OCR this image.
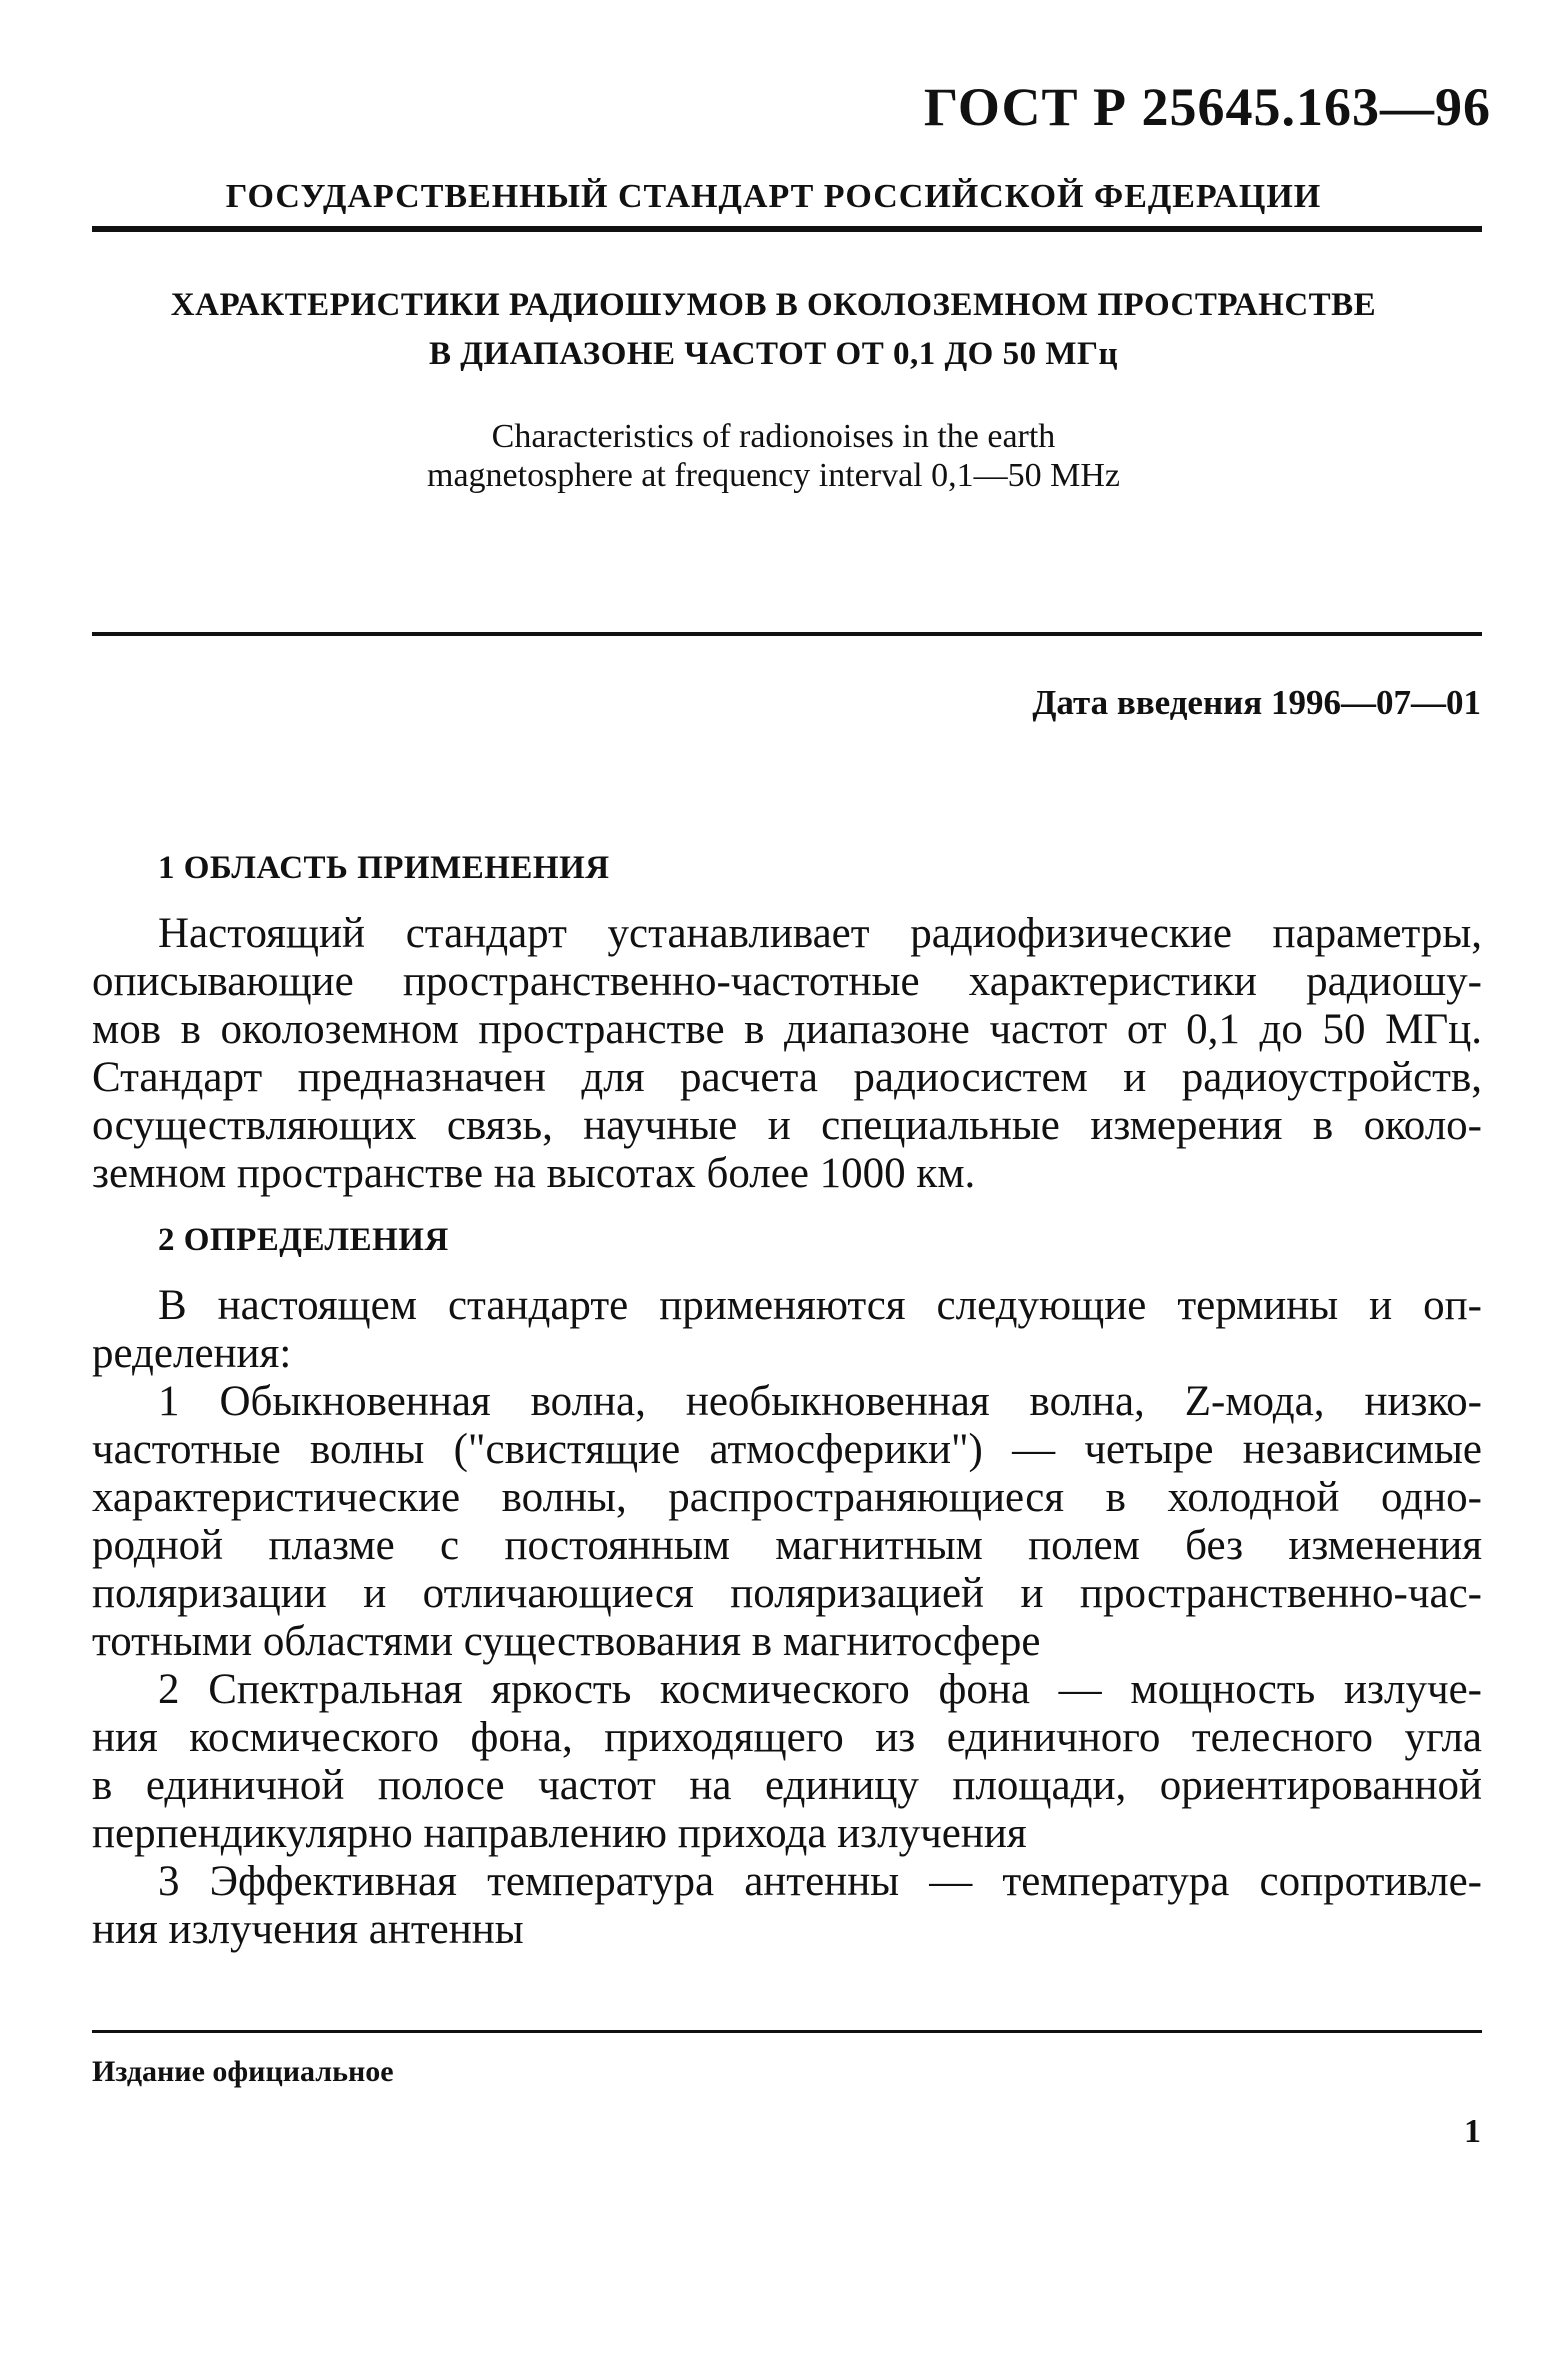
ГОСТ Р 25645.163—96
ГОСУДАРСТВЕННЫЙ СТАНДАРТ РОССИЙСКОЙ ФЕДЕРАЦИИ
ХАРАКТЕРИСТИКИ РАДИОШУМОВ В ОКОЛОЗЕМНОМ ПРОСТРАНСТВЕ
В ДИАПАЗОНЕ ЧАСТОТ ОТ 0,1 ДО 50 МГц
Characteristics of radionoises in the earth
magnetosphere at frequency interval 0,1—50 MHz
Дата введения 1996—07—01
1 ОБЛАСТЬ ПРИМЕНЕНИЯ
Настоящий стандарт устанавливает радиофизические параметры,
описывающие пространственно-частотные характеристики радиошу-
мов в околоземном пространстве в диапазоне частот от 0,1 до 50 МГц.
Стандарт предназначен для расчета радиосистем и радиоустройств,
осуществляющих связь, научные и специальные измерения в около-
земном пространстве на высотах более 1000 км.
2 ОПРЕДЕЛЕНИЯ
В настоящем стандарте применяются следующие термины и оп-
ределения:
1 Обыкновенная волна, необыкновенная волна, Z-мода, низко-
частотные волны ("свистящие атмосферики") — четыре независимые
характеристические волны, распространяющиеся в холодной одно-
родной плазме с постоянным магнитным полем без изменения
поляризации и отличающиеся поляризацией и пространственно-час-
тотными областями существования в магнитосфере
2 Спектральная яркость космического фона — мощность излуче-
ния космического фона, приходящего из единичного телесного угла
в единичной полосе частот на единицу площади, ориентированной
перпендикулярно направлению прихода излучения
3 Эффективная температура антенны — температура сопротивле-
ния излучения антенны
Издание официальное
1
